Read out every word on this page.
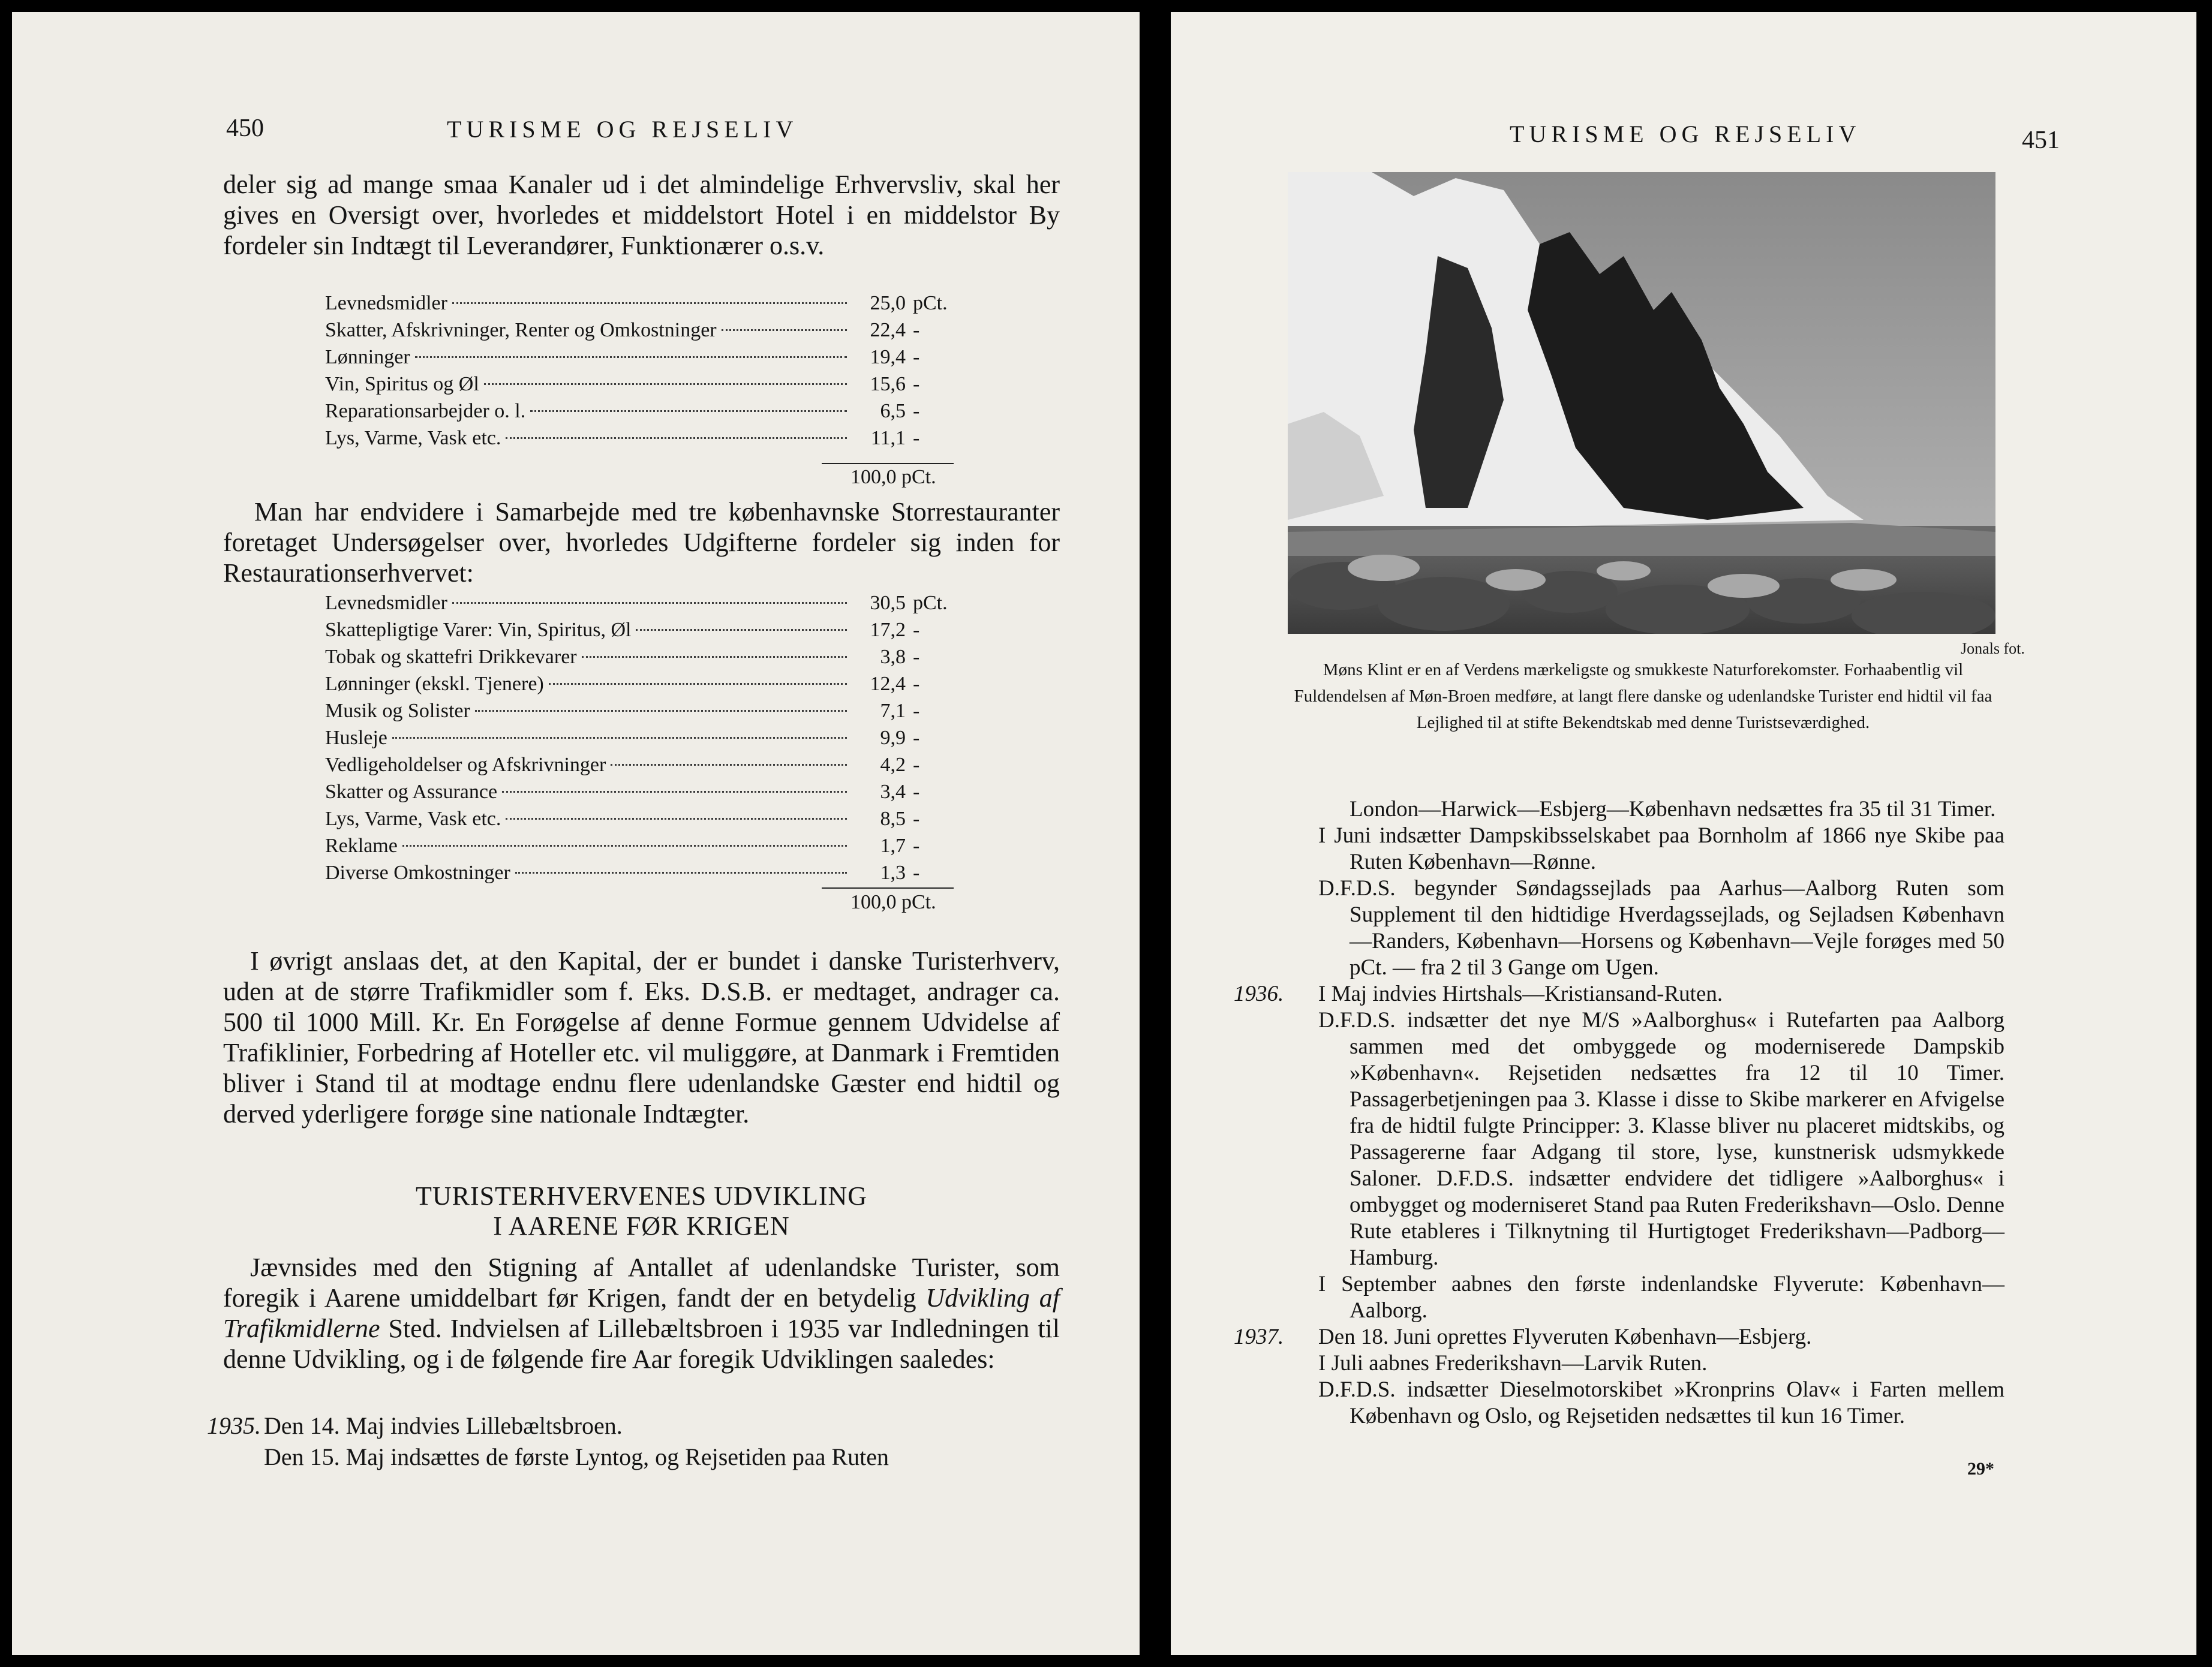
450	TURISME OG REJSELIV
deler sig ad mange smaa Kanaler ud i det almindelige Erhvervsliv, skal her gives en Oversigt over, hvorledes et middelstort Hotel i en middelstor By fordeler sin Indtægt til Leverandører, Funktionærer o.s.v.
Levnedsmidler	25,0 pCt.
Skatter, Afskrivninger, Renter og Omkostninger	22,4 -
Lønninger	19,4 -
Vin, Spiritus og Øl	15,6 -
Reparationsarbejder o. l.	6,5 -
Lys, Varme, Vask etc.	11,1 -
100,0 pCt.
Man har endvidere i Samarbejde med tre københavnske Storrestauranter foretaget Undersøgelser over, hvorledes Udgifterne fordeler sig inden for Restaurationserhvervet:
Levnedsmidler	30,5 pCt.
Skattepligtige Varer: Vin, Spiritus, Øl	17,2 -
Tobak og skattefri Drikkevarer	3,8 -
Lønninger (ekskl. Tjenere)	12,4 -
Musik og Solister	7,1 -
Husleje	9,9 -
Vedligeholdelser og Afskrivninger	4,2 -
Skatter og Assurance	3,4 -
Lys, Varme, Vask etc.	8,5 -
Reklame	1,7 -
Diverse Omkostninger	1,3 -
100,0 pCt.
I øvrigt anslaas det, at den Kapital, der er bundet i danske Turisterhverv, uden at de større Trafikmidler som f. Eks. D.S.B. er medtaget, andrager ca. 500 til 1000 Mill. Kr. En Forøgelse af denne Formue gennem Udvidelse af Trafiklinier, Forbedring af Hoteller etc. vil muliggøre, at Danmark i Fremtiden bliver i Stand til at modtage endnu flere udenlandske Gæster end hidtil og derved yderligere forøge sine nationale Indtægter.
TURISTERHVERVENES UDVIKLING
I AARENE FØR KRIGEN
Jævnsides med den Stigning af Antallet af udenlandske Turister, som foregik i Aarene umiddelbart før Krigen, fandt der en betydelig Udvikling af Trafikmidlerne Sted. Indvielsen af Lillebæltsbroen i 1935 var Indledningen til denne Udvikling, og i de følgende fire Aar foregik Udviklingen saaledes:
1935. Den 14. Maj indvies Lillebæltsbroen.
Den 15. Maj indsættes de første Lyntog, og Rejsetiden paa Ruten
TURISME OG REJSELIV	451
Jonals fot.
Møns Klint er en af Verdens mærkeligste og smukkeste Naturforekomster. Forhaabentlig vil Fuldendelsen af Møn-Broen medføre, at langt flere danske og udenlandske Turister end hidtil vil faa Lejlighed til at stifte Bekendtskab med denne Turistseværdighed.
London—Harwick—Esbjerg—København nedsættes fra 35 til 31 Timer.
I Juni indsætter Dampskibsselskabet paa Bornholm af 1866 nye Skibe paa Ruten København—Rønne.
D.F.D.S. begynder Søndagssejlads paa Aarhus—Aalborg Ruten som Supplement til den hidtidige Hverdagssejlads, og Sejladsen København—Randers, København—Horsens og København—Vejle forøges med 50 pCt. — fra 2 til 3 Gange om Ugen.
1936. I Maj indvies Hirtshals—Kristiansand-Ruten.
D.F.D.S. indsætter det nye M/S »Aalborghus« i Rutefarten paa Aalborg sammen med det ombyggede og moderniserede Dampskib »København«. Rejsetiden nedsættes fra 12 til 10 Timer. Passagerbetjeningen paa 3. Klasse i disse to Skibe markerer en Afvigelse fra de hidtil fulgte Principper: 3. Klasse bliver nu placeret midtskibs, og Passagererne faar Adgang til store, lyse, kunstnerisk udsmykkede Saloner. D.F.D.S. indsætter endvidere det tidligere »Aalborghus« i ombygget og moderniseret Stand paa Ruten Frederikshavn—Oslo. Denne Rute etableres i Tilknytning til Hurtigtoget Frederikshavn—Padborg—Hamburg.
I September aabnes den første indenlandske Flyverute: København—Aalborg.
1937. Den 18. Juni oprettes Flyveruten København—Esbjerg.
I Juli aabnes Frederikshavn—Larvik Ruten.
D.F.D.S. indsætter Dieselmotorskibet »Kronprins Olav« i Farten mellem København og Oslo, og Rejsetiden nedsættes til kun 16 Timer.
29*
